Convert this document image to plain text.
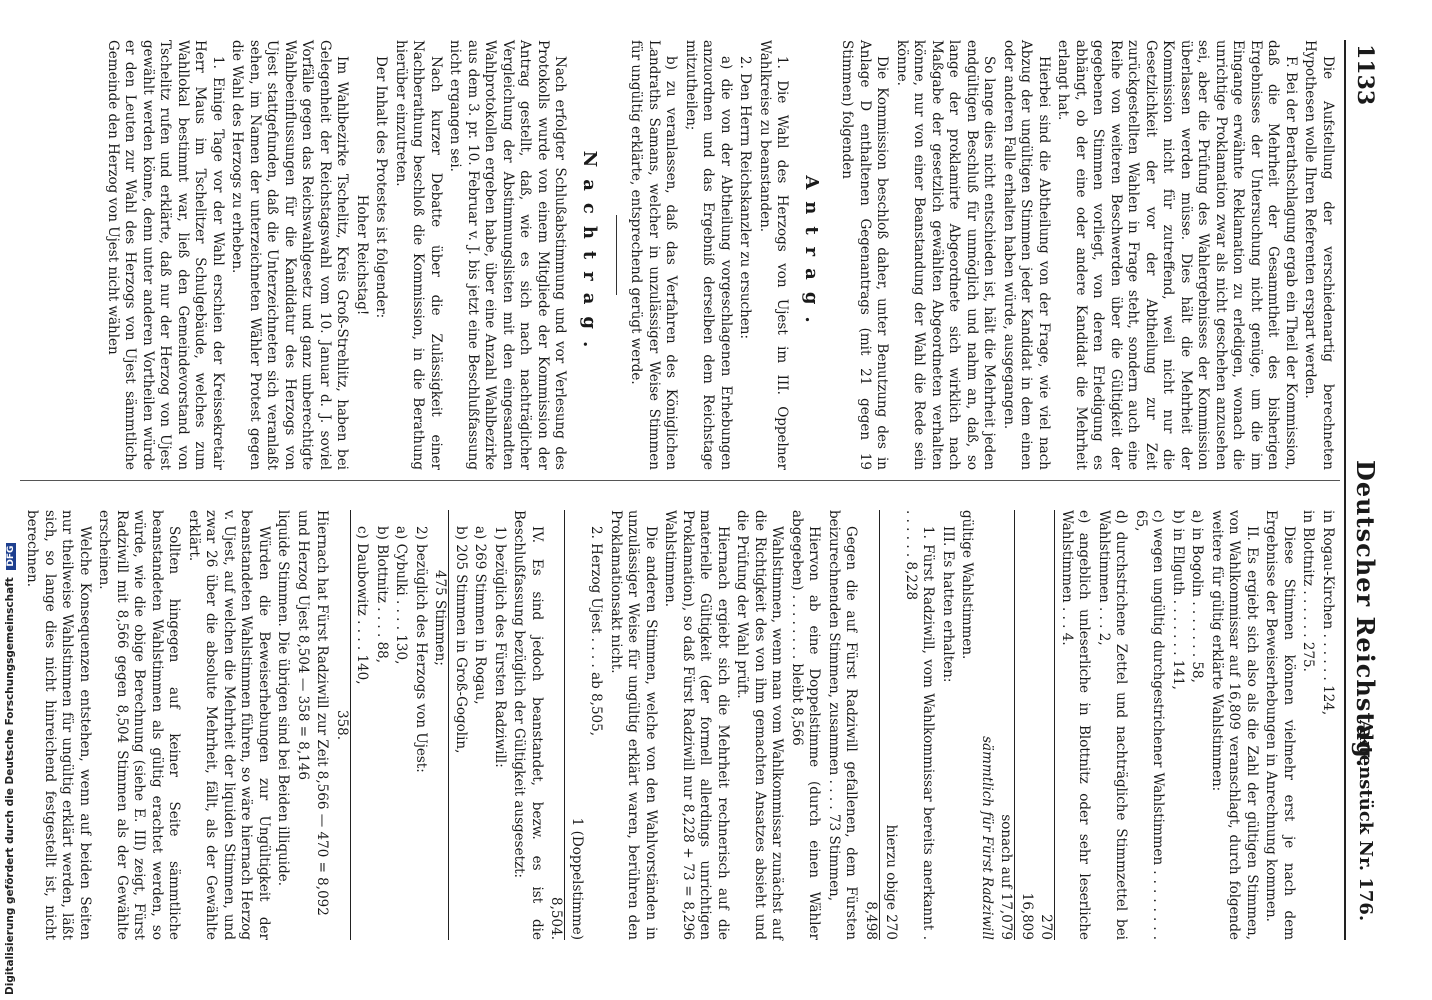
1133
Deutscher Reichstag.
Aktenstück Nr. 176.

Die Aufstellung der verschiedenartig berechneten Hypothesen wolle Ihren Referenten erspart werden.

F. Bei der Berathschlagung ergab ein Theil der Kommission, daß die Mehrheit der Gesammtheit des bisherigen Ergebnisses der Untersuchung nicht genüge, um die im Eingange erwähnte Reklamation zu erledigen, wonach die unrichtige Proklamation zwar als nicht geschehen anzusehen sei, aber die Prüfung des Wahlergebnisses der Kommission überlassen werden müsse. Dies hält die Mehrheit der Kommission nicht für zutreffend, weil nicht nur die Gesetzlichkeit der vor der Abtheilung zur Zeit zurückgestellten Wahlen in Frage steht, sondern auch eine Reihe von weiteren Beschwerden über die Gültigkeit der gegebenen Stimmen vorliegt, von deren Erledigung es abhängt, ob der eine oder andere Kandidat die Mehrheit erlangt hat.

Hierbei sind die Abtheilung von der Frage, wie viel nach Abzug der ungültigen Stimmen jeder Kandidat in dem einen oder anderen Falle erhalten haben würde, ausgegangen.

So lange dies nicht entschieden ist, hält die Mehrheit jeden endgültigen Beschluß für unmöglich und nahm an, daß, so lange der proklamirte Abgeordnete sich wirklich nach Maßgabe der gesetzlich gewählten Abgeordneten verhalten könne, nur von einer Beanstandung der Wahl die Rede sein könne.

Die Kommission beschloß daher, unter Benutzung des in Anlage D enthaltenen Gegenantrags (mit 21 gegen 19 Stimmen) folgenden

Antrag.

1. Die Wahl des Herzogs von Ujest im III. Oppelner Wahlkreise zu beanstanden.

2. Den Herrn Reichskanzler zu ersuchen:

a) die von der Abtheilung vorgeschlagenen Erhebungen anzuordnen und das Ergebniß derselben dem Reichstage mitzutheilen;

b) zu veranlassen, daß das Verfahren des Königlichen Landraths Samans, welcher in unzulässiger Weise Stimmen für ungültig erklärte, entsprechend gerügt werde.

Nachtrag.

Nach erfolgter Schlußabstimmung und vor Verlesung des Protokolls wurde von einem Mitgliede der Kommission der Antrag gestellt, daß, wie es sich nach nachträglicher Vergleichung der Abstimmungslisten mit den eingesandten Wahlprotokollen ergeben habe, über eine Anzahl Wahlbezirke aus dem 3. pr. 10. Februar v. J. bis jetzt eine Beschlußfassung nicht ergangen sei.

Nach kurzer Debatte über die Zulässigkeit einer Nachberathung beschloß die Kommission, in die Berathung hierüber einzutreten.

Der Inhalt des Protestes ist folgender:

Hoher Reichstag!

Im Wahlbezirke Tschelitz, Kreis Groß-Strehlitz, haben bei Gelegenheit der Reichstagswahl vom 10. Januar d. J. soviel Vorfälle gegen das Reichswahlgesetz und ganz unberechtigte Wahlbeeinflussungen für die Kandidatur des Herzogs von Ujest stattgefunden, daß die Unterzeichneten sich veranlaßt sehen, im Namen der unterzeichneten Wähler Protest gegen die Wahl des Herzogs zu erheben.

1. Einige Tage vor der Wahl erschien der Kreissekretair Herr Maus im Tschelitzer Schulgebäude, welches zum Wahllokal bestimmt war, ließ den Gemeindevorstand von Tschelitz rufen und erklärte, daß nur der Herzog von Ujest gewählt werden könne, denn unter anderen Vortheilen würde er den Leuten zur Wahl des Herzogs von Ujest sämmtliche Gemeinde den Herzog von Ujest nicht wählen

in Rogau-Kirchen . . . . . . 124,

in Blottnitz . . . . . . 275.

Diese Stimmen können vielmehr erst je nach dem Ergebnisse der Beweiserhebungen in Anrechnung kommen.

II. Es ergiebt sich also als die Zahl der gültigen Stimmen, von Wahlkommissar auf 16,809 veranschlagt, durch folgende weitere für gültig erklärte Wahlstimmen:

a) in Bogolin . . . . . . . 58,

b) in Ellguth . . . . . . . 141,

c) wegen ungültig durchgestrichener Wahlstimmen . . . . . . . . 65,

d) durchstrichene Zettel und nachträgliche Stimmzettel bei Wahlstimmen . . . 2,

e) angeblich unleserliche in Blottnitz oder sehr leserliche Wahlstimmen . . . 4.

270

16,809

sonach auf 17,079

sämmtlich für Fürst Radziwill

gültige Wahlstimmen.

III. Es hatten erhalten:

1. Fürst Radziwill, vom Wahlkommissar bereits anerkannt . . . . . . . 8,228

hierzu obige 270

8,498

Gegen die auf Fürst Radziwill gefallenen, dem Fürsten beizurechnenden Stimmen, zusammen . . . . 73 Stimmen,

Hiervon ab eine Doppelstimme (durch einen Wähler abgegeben) . . . . . . . . bleibt 8,566

Wahlstimmen, wenn man vom Wahlkommissar zunächst auf die Richtigkeit des von ihm gemachten Ansatzes absieht und die Prüfung der Wahl prüft.

Hiernach ergiebt sich die Mehrheit rechnerisch auf die materielle Gültigkeit (der formell allerdings unrichtigen Proklamation), so daß Fürst Radziwill nur 8,228 + 73 = 8,296 Wahlstimmen.

Die anderen Stimmen, welche von den Wahlvorständen in unzulässiger Weise für ungültig erklärt waren, berühren den Proklamationsakt nicht.

2. Herzog Ujest . . . . ab 8,505,

1 (Doppelstimme)

8,504.

IV. Es sind jedoch beanstandet, bezw. es ist die Beschlußfassung bezüglich der Gültigkeit ausgesetzt:

1) bezüglich des Fürsten Radziwill:

a) 269 Stimmen in Rogau,

b) 205 Stimmen in Groß-Gogolin,

475 Stimmen;

2) bezüglich des Herzogs von Ujest:

a) Cybulki . . . . 130,

b) Blottnitz . . . . 88,

c) Daubowitz . . . . 140,

358.

Hiernach hat Fürst Radziwill zur Zeit 8,566 — 470 = 8,092

und Herzog Ujest 8,504 — 358 = 8,146

liquide Stimmen. Die übrigen sind bei Beiden illiquide.

Würden die Beweiserhebungen zur Ungültigkeit der beanstandeten Wahlstimmen führen, so wäre hiernach Herzog v. Ujest, auf welchen die Mehrheit der liquiden Stimmen, und zwar 26 über die absolute Mehrheit, fällt, als der Gewählte erklärt.

Sollten hingegen auf keiner Seite sämmtliche beanstandeten Wahlstimmen als gültig erachtet werden, so würde, wie die obige Berechnung (siehe E. III) zeigt, Fürst Radziwill mit 8,566 gegen 8,504 Stimmen als der Gewählte erscheinen.

Welche Konsequenzen entstehen, wenn auf beiden Seiten nur theilweise Wahlstimmen für ungültig erklärt werden, läßt sich, so lange dies nicht hinreichend festgestellt ist, nicht berechnen.

Digitalisierung gefördert durch die Deutsche Forschungsgemeinschaft DFG
